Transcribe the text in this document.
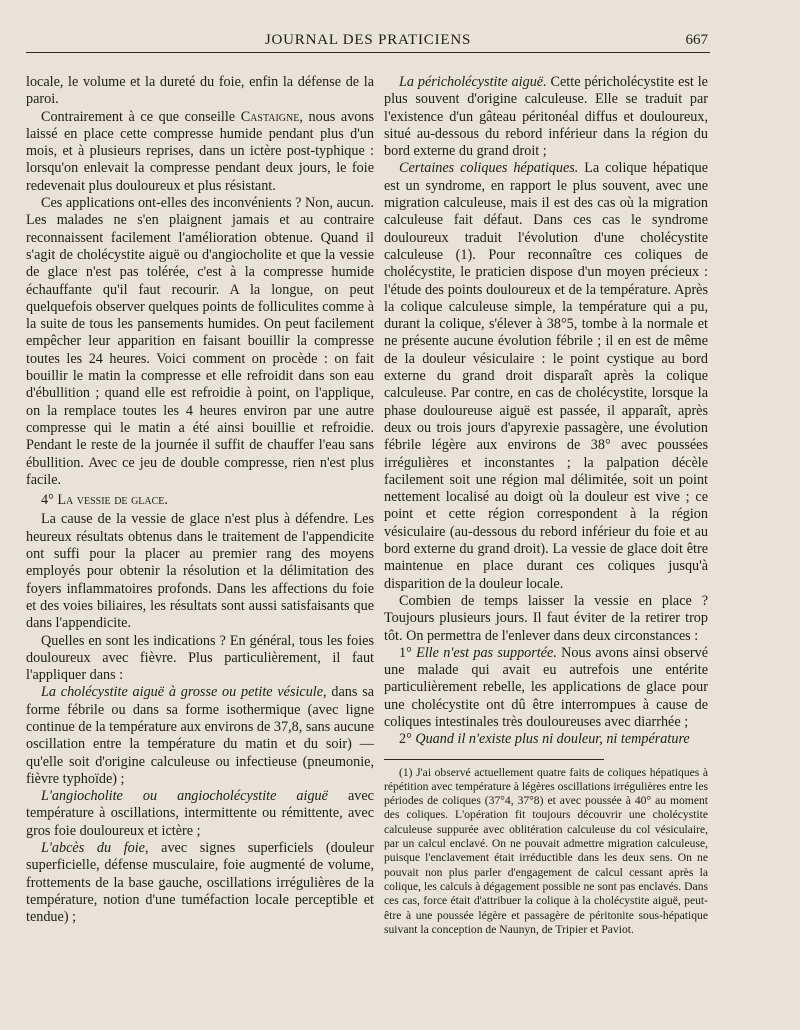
JOURNAL DES PRATICIENS	667

locale, le volume et la dureté du foie, enfin la défense de la paroi.

Contrairement à ce que conseille Castaigne, nous avons laissé en place cette compresse humide pendant plus d'un mois, et à plusieurs reprises, dans un ictère post-typhique : lorsqu'on enlevait la compresse pendant deux jours, le foie redevenait plus douloureux et plus résistant.

Ces applications ont-elles des inconvénients ? Non, aucun. Les malades ne s'en plaignent jamais et au contraire reconnaissent facilement l'amélioration obtenue. Quand il s'agit de cholécystite aiguë ou d'angiocholite et que la vessie de glace n'est pas tolérée, c'est à la compresse humide échauffante qu'il faut recourir. A la longue, on peut quelquefois observer quelques points de folliculites comme à la suite de tous les pansements humides. On peut facilement empêcher leur apparition en faisant bouillir la compresse toutes les 24 heures. Voici comment on procède : on fait bouillir le matin la compresse et elle refroidit dans son eau d'ébullition ; quand elle est refroidie à point, on l'applique, on la remplace toutes les 4 heures environ par une autre compresse qui le matin a été ainsi bouillie et refroidie. Pendant le reste de la journée il suffit de chauffer l'eau sans ébullition. Avec ce jeu de double compresse, rien n'est plus facile.

4° La vessie de glace.

La cause de la vessie de glace n'est plus à défendre. Les heureux résultats obtenus dans le traitement de l'appendicite ont suffi pour la placer au premier rang des moyens employés pour obtenir la résolution et la délimitation des foyers inflammatoires profonds. Dans les affections du foie et des voies biliaires, les résultats sont aussi satisfaisants que dans l'appendicite.

Quelles en sont les indications ? En général, tous les foies douloureux avec fièvre. Plus particulièrement, il faut l'appliquer dans :

La cholécystite aiguë à grosse ou petite vésicule, dans sa forme fébrile ou dans sa forme isothermique (avec ligne continue de la température aux environs de 37,8, sans aucune oscillation entre la température du matin et du soir) — qu'elle soit d'origine calculeuse ou infectieuse (pneumonie, fièvre typhoïde) ;

L'angiocholite ou angiocholécystite aiguë avec température à oscillations, intermittente ou rémittente, avec gros foie douloureux et ictère ;

L'abcès du foie, avec signes superficiels (douleur superficielle, défense musculaire, foie augmenté de volume, frottements de la base gauche, oscillations irrégulières de la température, notion d'une tuméfaction locale perceptible et tendue) ;

La péricholécystite aiguë. Cette péricholécystite est le plus souvent d'origine calculeuse. Elle se traduit par l'existence d'un gâteau péritonéal diffus et douloureux, situé au-dessous du rebord inférieur dans la région du bord externe du grand droit ;

Certaines coliques hépatiques. La colique hépatique est un syndrome, en rapport le plus souvent, avec une migration calculeuse, mais il est des cas où la migration calculeuse fait défaut. Dans ces cas le syndrome douloureux traduit l'évolution d'une cholécystite calculeuse (1). Pour reconnaître ces coliques de cholécystite, le praticien dispose d'un moyen précieux : l'étude des points douloureux et de la température. Après la colique calculeuse simple, la température qui a pu, durant la colique, s'élever à 38°5, tombe à la normale et ne présente aucune évolution fébrile ; il en est de même de la douleur vésiculaire : le point cystique au bord externe du grand droit disparaît après la colique calculeuse. Par contre, en cas de cholécystite, lorsque la phase douloureuse aiguë est passée, il apparaît, après deux ou trois jours d'apyrexie passagère, une évolution fébrile légère aux environs de 38° avec poussées irrégulières et inconstantes ; la palpation décèle facilement soit une région mal délimitée, soit un point nettement localisé au doigt où la douleur est vive ; ce point et cette région correspondent à la région vésiculaire (au-dessous du rebord inférieur du foie et au bord externe du grand droit). La vessie de glace doit être maintenue en place durant ces coliques jusqu'à disparition de la douleur locale.

Combien de temps laisser la vessie en place ? Toujours plusieurs jours. Il faut éviter de la retirer trop tôt. On permettra de l'enlever dans deux circonstances :

1° Elle n'est pas supportée. Nous avons ainsi observé une malade qui avait eu autrefois une entérite particulièrement rebelle, les applications de glace pour une cholécystite ont dû être interrompues à cause de coliques intestinales très douloureuses avec diarrhée ;

2° Quand il n'existe plus ni douleur, ni température

(1) J'ai observé actuellement quatre faits de coliques hépatiques à répétition avec température à légères oscillations irrégulières entre les périodes de coliques (37°4, 37°8) et avec poussée à 40° au moment des coliques. L'opération fit toujours découvrir une cholécystite calculeuse suppurée avec oblitération calculeuse du col vésiculaire, par un calcul enclavé. On ne pouvait admettre migration calculeuse, puisque l'enclavement était irréductible dans les deux sens. On ne pouvait non plus parler d'engagement de calcul cessant après la colique, les calculs à dégagement possible ne sont pas enclavés. Dans ces cas, force était d'attribuer la colique à la cholécystite aiguë, peut-être à une poussée légère et passagère de péritonite sous-hépatique suivant la conception de Naunyn, de Tripier et Paviot.
